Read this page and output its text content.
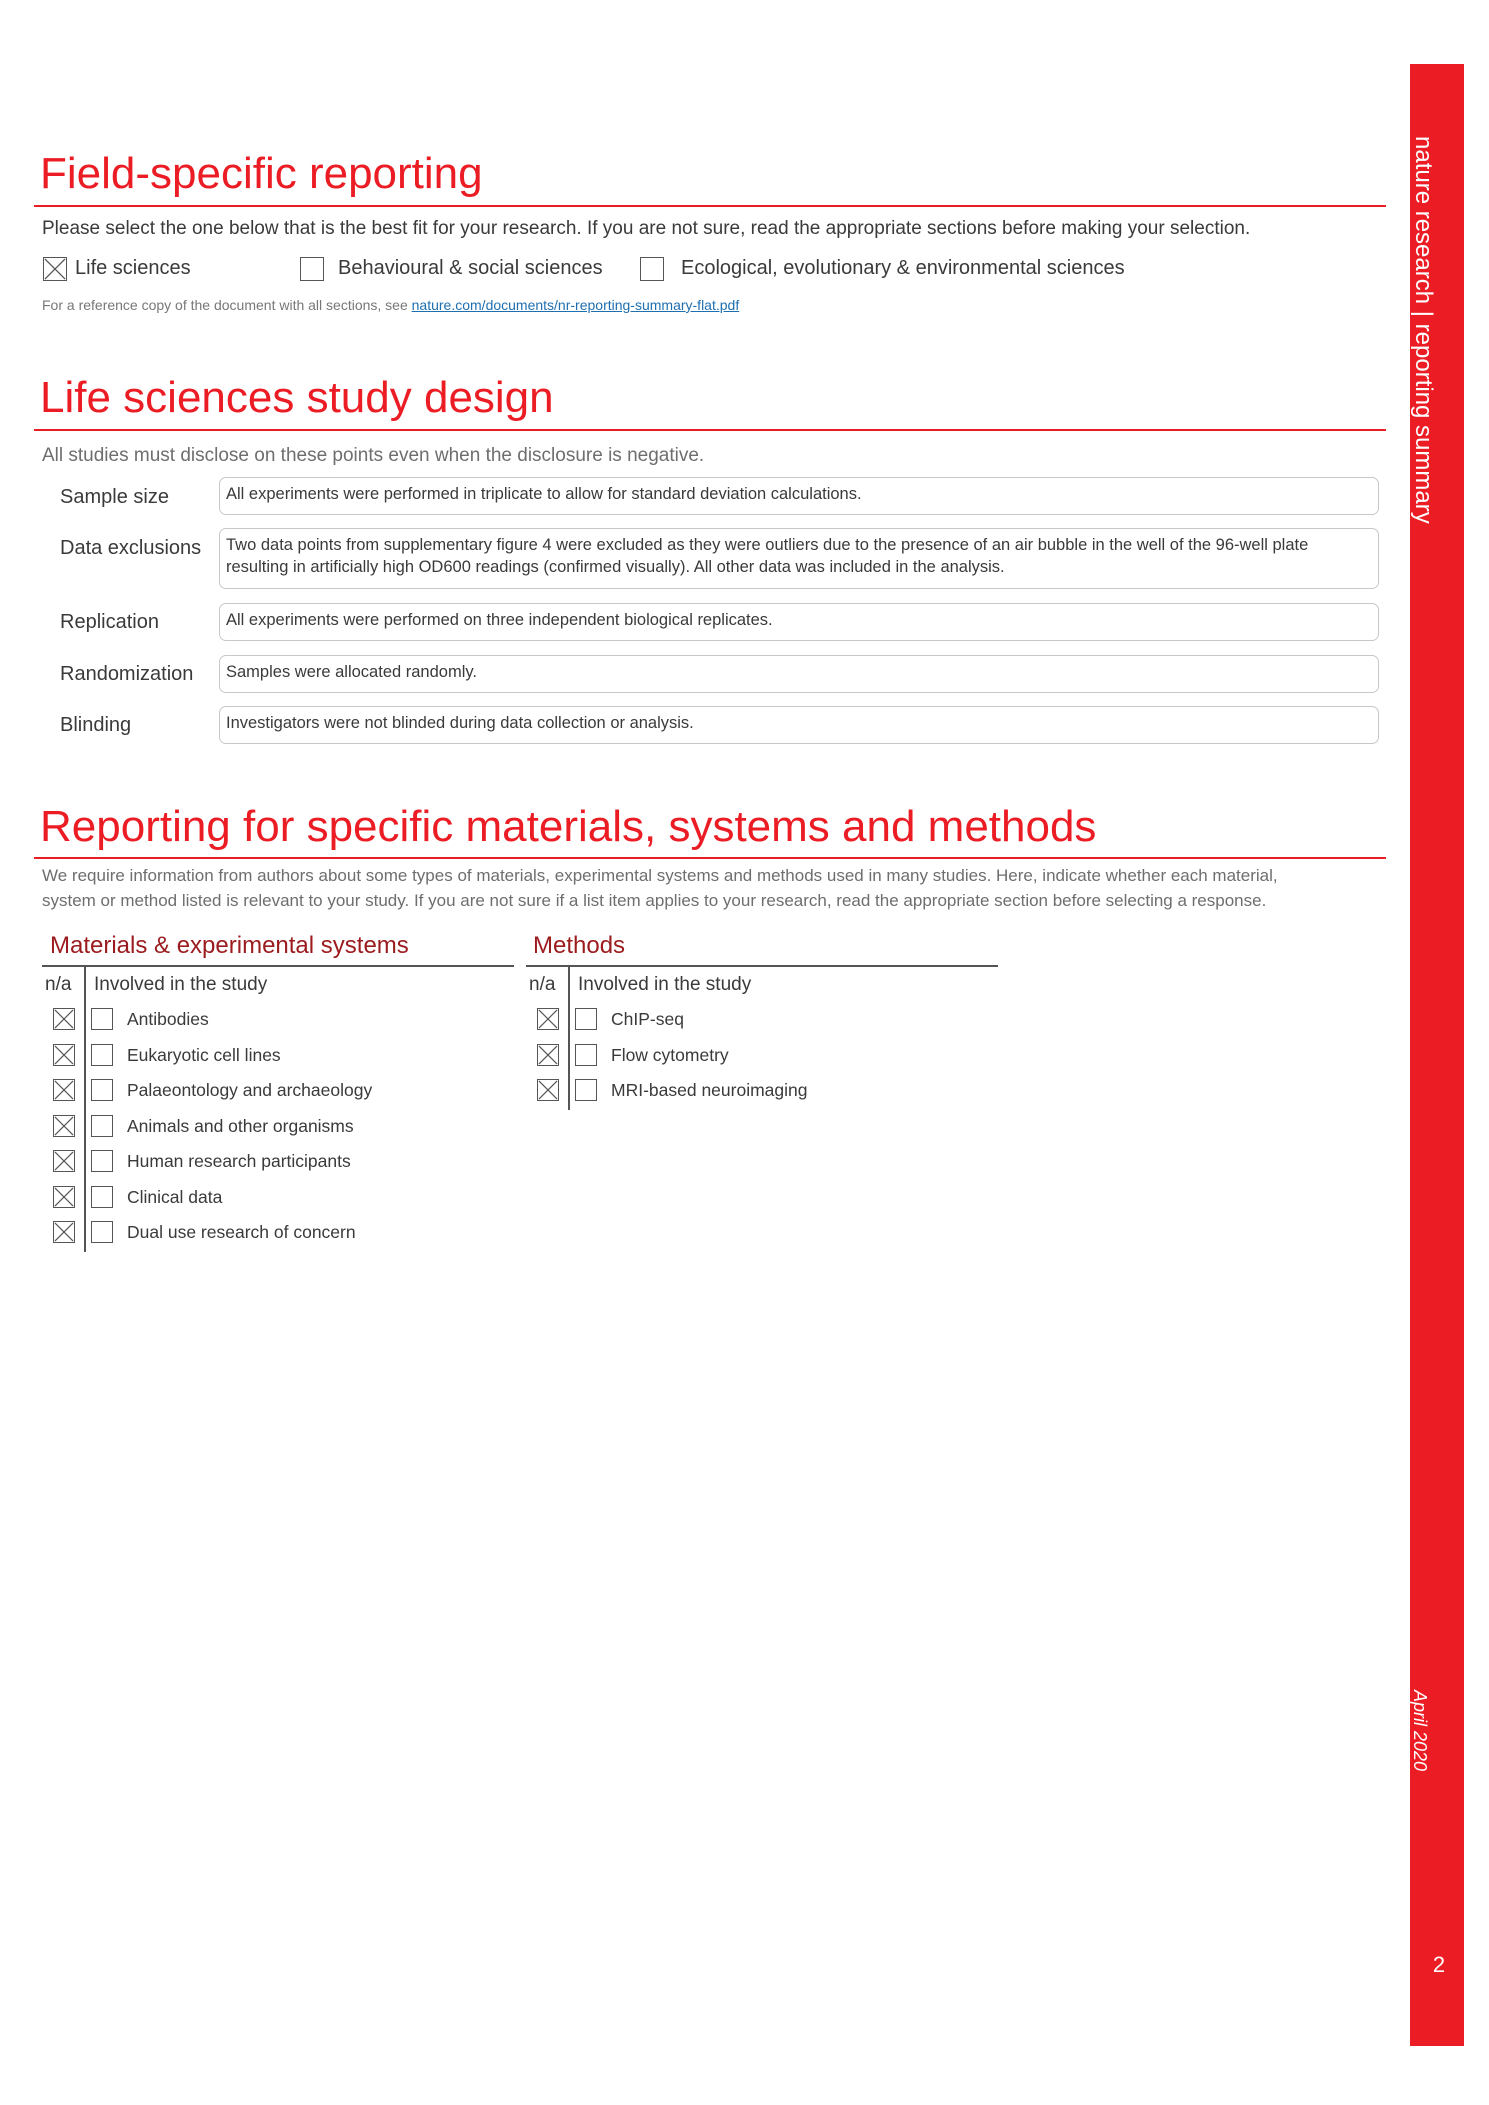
nature research | reporting summary
April 2020
2
Field-specific reporting
Please select the one below that is the best fit for your research. If you are not sure, read the appropriate sections before making your selection.
Life sciences	Behavioural & social sciences	Ecological, evolutionary & environmental sciences
For a reference copy of the document with all sections, see nature.com/documents/nr-reporting-summary-flat.pdf
Life sciences study design
All studies must disclose on these points even when the disclosure is negative.
Sample size	All experiments were performed in triplicate to allow for standard deviation calculations.
Data exclusions	Two data points from supplementary figure 4 were excluded as they were outliers due to the presence of an air bubble in the well of the 96-well plate resulting in artificially high OD600 readings (confirmed visually). All other data was included in the analysis.
Replication	All experiments were performed on three independent biological replicates.
Randomization	Samples were allocated randomly.
Blinding	Investigators were not blinded during data collection or analysis.
Reporting for specific materials, systems and methods
We require information from authors about some types of materials, experimental systems and methods used in many studies. Here, indicate whether each material,
system or method listed is relevant to your study. If you are not sure if a list item applies to your research, read the appropriate section before selecting a response.
Materials & experimental systems
n/a Involved in the study
Antibodies
Eukaryotic cell lines
Palaeontology and archaeology
Animals and other organisms
Human research participants
Clinical data
Dual use research of concern
Methods
n/a Involved in the study
ChIP-seq
Flow cytometry
MRI-based neuroimaging
